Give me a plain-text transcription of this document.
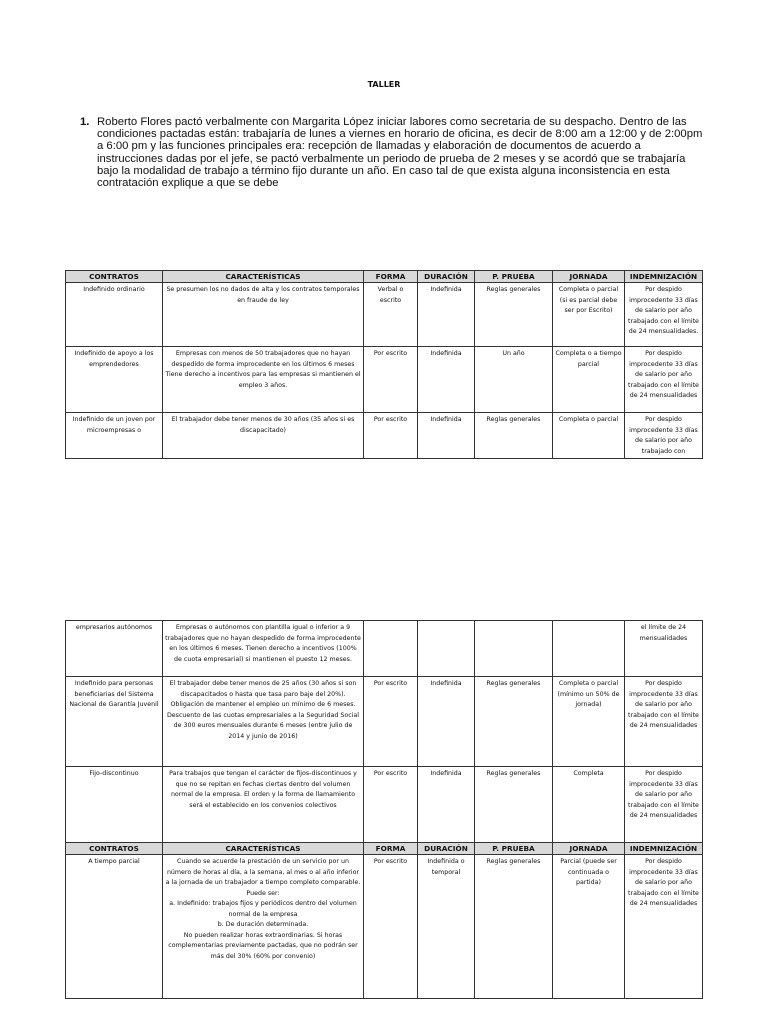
TALLER
1. Roberto Flores pactó verbalmente con Margarita López iniciar labores como secretaria de su despacho. Dentro de las condiciones pactadas están: trabajaría de lunes a viernes en horario de oficina, es decir de 8:00 am a 12:00 y de 2:00pm a 6:00 pm y las funciones principales era: recepción de llamadas y elaboración de documentos de acuerdo a instrucciones dadas por el jefe, se pactó verbalmente un periodo de prueba de 2 meses y se acordó que se trabajaría bajo la modalidad de trabajo a término fijo durante un año. En caso tal de que exista alguna inconsistencia en esta contratación explique a que se debe
CONTRATOS	CARACTERÍSTICAS	FORMA	DURACIÓN	P. PRUEBA	JORNADA	INDEMNIZACIÓN
Indefinido ordinario	Se presumen los no dados de alta y los contratos temporales en fraude de ley	Verbal o escrito	Indefinida	Reglas generales	Completa o parcial (si es parcial debe ser por Escrito)	Por despido improcedente 33 días de salario por año trabajado con el límite de 24 mensualidades.
Indefinido de apoyo a los emprendedores	Empresas con menos de 50 trabajadores que no hayan despedido de forma improcedente en los últimos 6 meses Tiene derecho a incentivos para las empresas si mantienen el empleo 3 años.	Por escrito	Indefinida	Un año	Completa o a tiempo parcial	Por despido improcedente 33 días de salario por año trabajado con el límite de 24 mensualidades
Indefinido de un joven por microempresas o	El trabajador debe tener menos de 30 años (35 años si es discapacitado)	Por escrito	Indefinida	Reglas generales	Completa o parcial	Por despido improcedente 33 días de salario por año trabajado con
empresarios autónomos	Empresas o autónomos con plantilla igual o inferior a 9 trabajadores que no hayan despedido de forma improcedente en los últimos 6 meses. Tienen derecho a incentivos (100% de cuota empresarial) si mantienen el puesto 12 meses.					el límite de 24 mensualidades
Indefinido para personas beneficiarias del Sistema Nacional de Garantía Juvenil	El trabajador debe tener menos de 25 años (30 años si son discapacitados o hasta que tasa paro baje del 20%). Obligación de mantener el empleo un mínimo de 6 meses. Descuento de las cuotas empresariales a la Seguridad Social de 300 euros mensuales durante 6 meses (entre julio de 2014 y junio de 2016)	Por escrito	Indefinida	Reglas generales	Completa o parcial (mínimo un 50% de jornada)	Por despido improcedente 33 días de salario por año trabajado con el límite de 24 mensualidades
Fijo-discontinuo	Para trabajos que tengan el carácter de fijos-discontinuos y que no se repitan en fechas ciertas dentro del volumen normal de la empresa. El orden y la forma de llamamiento será el establecido en los convenios colectivos	Por escrito	Indefinida	Reglas generales	Completa	Por despido improcedente 33 días de salario por año trabajado con el límite de 24 mensualidades
CONTRATOS	CARACTERÍSTICAS	FORMA	DURACIÓN	P. PRUEBA	JORNADA	INDEMNIZACIÓN
A tiempo parcial	Cuando se acuerde la prestación de un servicio por un número de horas al día, a la semana, al mes o al año inferior a la jornada de un trabajador a tiempo completo comparable.
Puede ser:
a. Indefinido: trabajos fijos y periódicos dentro del volumen normal de la empresa
b. De duración determinada.
No pueden realizar horas extraordinarias. Si horas complementarias previamente pactadas, que no podrán ser más del 30% (60% por convenio)	Por escrito	Indefinida o temporal	Reglas generales	Parcial (puede ser continuada o partida)	Por despido improcedente 33 días de salario por año trabajado con el límite de 24 mensualidades
